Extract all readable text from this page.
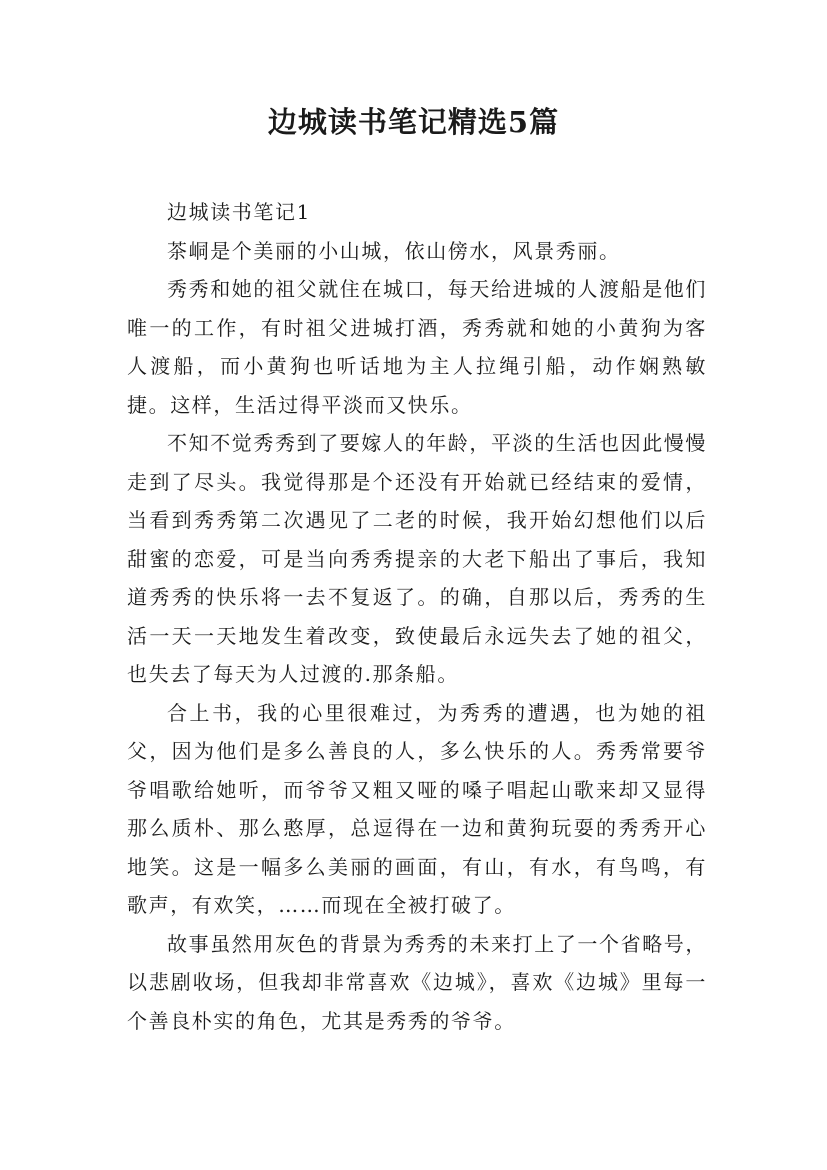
边城读书笔记精选5篇

边城读书笔记1

茶峒是个美丽的小山城，依山傍水，风景秀丽。

秀秀和她的祖父就住在城口，每天给进城的人渡船是他们唯一的工作，有时祖父进城打酒，秀秀就和她的小黄狗为客人渡船，而小黄狗也听话地为主人拉绳引船，动作娴熟敏捷。这样，生活过得平淡而又快乐。

不知不觉秀秀到了要嫁人的年龄，平淡的生活也因此慢慢走到了尽头。我觉得那是个还没有开始就已经结束的爱情，当看到秀秀第二次遇见了二老的时候，我开始幻想他们以后甜蜜的恋爱，可是当向秀秀提亲的大老下船出了事后，我知道秀秀的快乐将一去不复返了。的确，自那以后，秀秀的生活一天一天地发生着改变，致使最后永远失去了她的祖父，也失去了每天为人过渡的.那条船。

合上书，我的心里很难过，为秀秀的遭遇，也为她的祖父，因为他们是多么善良的人，多么快乐的人。秀秀常要爷爷唱歌给她听，而爷爷又粗又哑的嗓子唱起山歌来却又显得那么质朴、那么憨厚，总逗得在一边和黄狗玩耍的秀秀开心地笑。这是一幅多么美丽的画面，有山，有水，有鸟鸣，有歌声，有欢笑，……而现在全被打破了。

故事虽然用灰色的背景为秀秀的未来打上了一个省略号，以悲剧收场，但我却非常喜欢《边城》，喜欢《边城》里每一个善良朴实的角色，尤其是秀秀的爷爷。
